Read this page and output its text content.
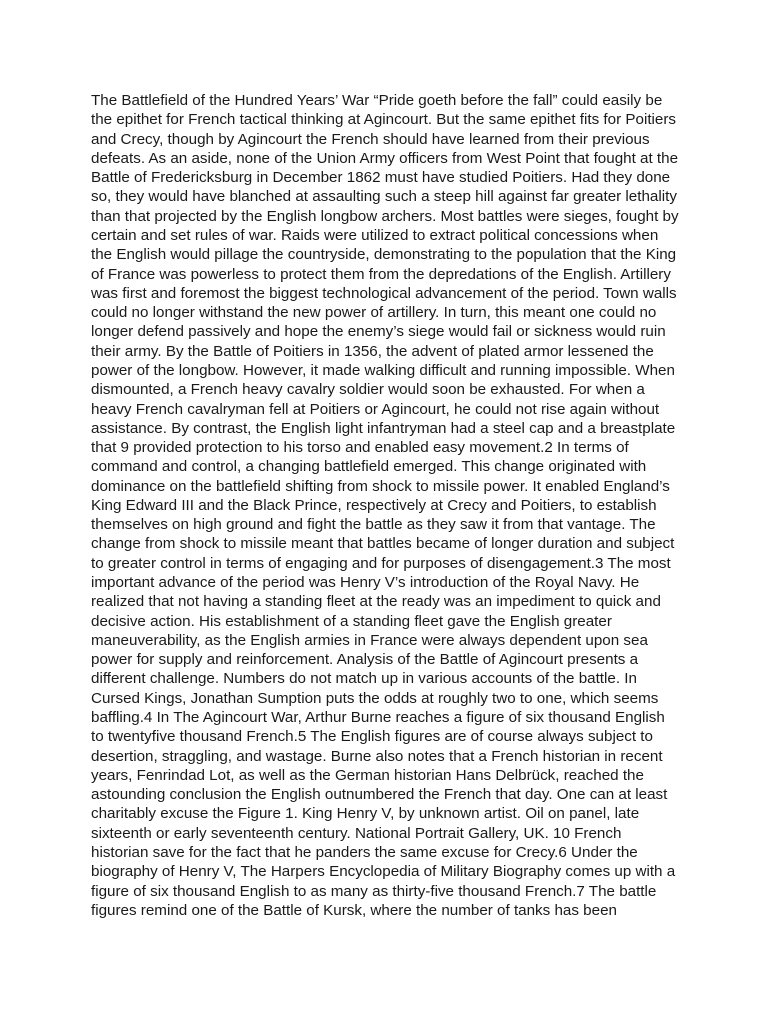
The Battlefield of the Hundred Years’ War “Pride goeth before the fall” could easily be
the epithet for French tactical thinking at Agincourt. But the same epithet fits for Poitiers
and Crecy, though by Agincourt the French should have learned from their previous
defeats. As an aside, none of the Union Army officers from West Point that fought at the
Battle of Fredericksburg in December 1862 must have studied Poitiers. Had they done
so, they would have blanched at assaulting such a steep hill against far greater lethality
than that projected by the English longbow archers. Most battles were sieges, fought by
certain and set rules of war. Raids were utilized to extract political concessions when
the English would pillage the countryside, demonstrating to the population that the King
of France was powerless to protect them from the depredations of the English. Artillery
was first and foremost the biggest technological advancement of the period. Town walls
could no longer withstand the new power of artillery. In turn, this meant one could no
longer defend passively and hope the enemy’s siege would fail or sickness would ruin
their army. By the Battle of Poitiers in 1356, the advent of plated armor lessened the
power of the longbow. However, it made walking difficult and running impossible. When
dismounted, a French heavy cavalry soldier would soon be exhausted. For when a
heavy French cavalryman fell at Poitiers or Agincourt, he could not rise again without
assistance. By contrast, the English light infantryman had a steel cap and a breastplate
that 9 provided protection to his torso and enabled easy movement.2 In terms of
command and control, a changing battlefield emerged. This change originated with
dominance on the battlefield shifting from shock to missile power. It enabled England’s
King Edward III and the Black Prince, respectively at Crecy and Poitiers, to establish
themselves on high ground and fight the battle as they saw it from that vantage. The
change from shock to missile meant that battles became of longer duration and subject
to greater control in terms of engaging and for purposes of disengagement.3 The most
important advance of the period was Henry V’s introduction of the Royal Navy. He
realized that not having a standing fleet at the ready was an impediment to quick and
decisive action. His establishment of a standing fleet gave the English greater
maneuverability, as the English armies in France were always dependent upon sea
power for supply and reinforcement. Analysis of the Battle of Agincourt presents a
different challenge. Numbers do not match up in various accounts of the battle. In
Cursed Kings, Jonathan Sumption puts the odds at roughly two to one, which seems
baffling.4 In The Agincourt War, Arthur Burne reaches a figure of six thousand English
to twentyfive thousand French.5 The English figures are of course always subject to
desertion, straggling, and wastage. Burne also notes that a French historian in recent
years, Fenrindad Lot, as well as the German historian Hans Delbrück, reached the
astounding conclusion the English outnumbered the French that day. One can at least
charitably excuse the Figure 1. King Henry V, by unknown artist. Oil on panel, late
sixteenth or early seventeenth century. National Portrait Gallery, UK. 10 French
historian save for the fact that he panders the same excuse for Crecy.6 Under the
biography of Henry V, The Harpers Encyclopedia of Military Biography comes up with a
figure of six thousand English to as many as thirty-five thousand French.7 The battle
figures remind one of the Battle of Kursk, where the number of tanks has been
